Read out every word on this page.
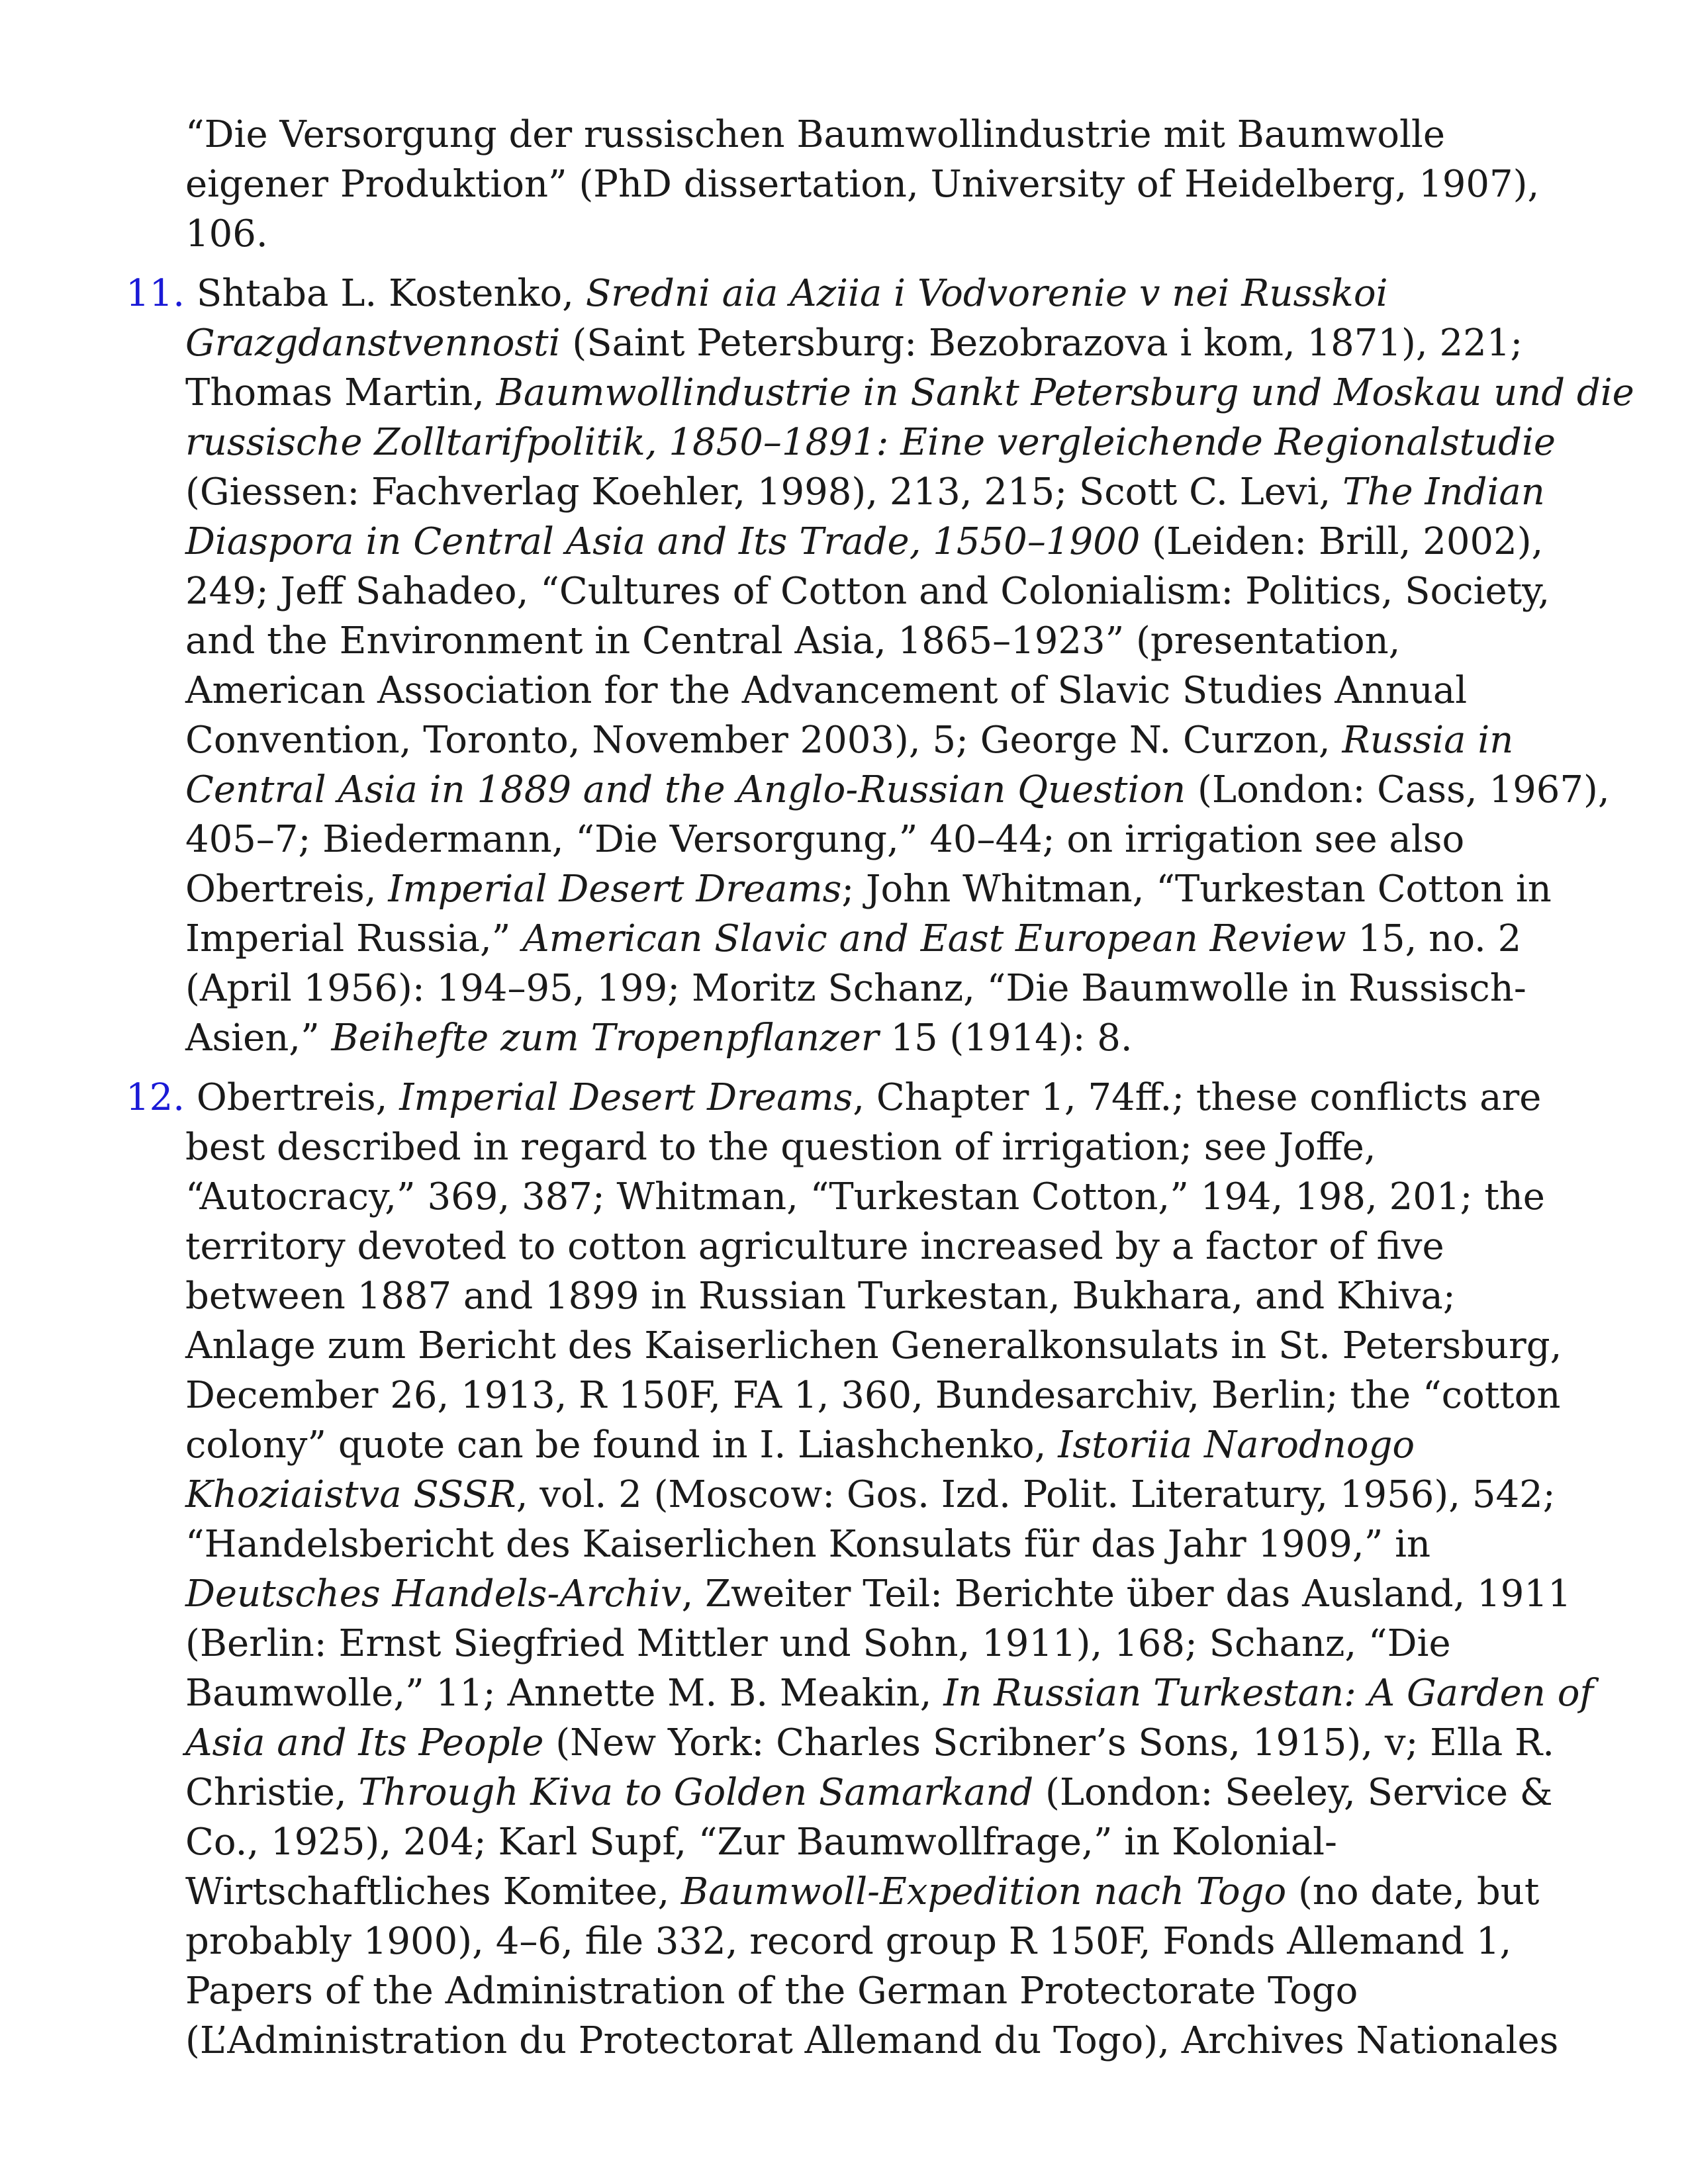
“Die Versorgung der russischen Baumwollindustrie mit Baumwolle
eigener Produktion” (PhD dissertation, University of Heidelberg, 1907),
106.
11. Shtaba L. Kostenko, Sredni aia Aziia i Vodvorenie v nei Russkoi
Grazgdanstvennosti (Saint Petersburg: Bezobrazova i kom, 1871), 221;
Thomas Martin, Baumwollindustrie in Sankt Petersburg und Moskau und die
russische Zolltarifpolitik, 1850–1891: Eine vergleichende Regionalstudie
(Giessen: Fachverlag Koehler, 1998), 213, 215; Scott C. Levi, The Indian
Diaspora in Central Asia and Its Trade, 1550–1900 (Leiden: Brill, 2002),
249; Jeff Sahadeo, “Cultures of Cotton and Colonialism: Politics, Society,
and the Environment in Central Asia, 1865–1923” (presentation,
American Association for the Advancement of Slavic Studies Annual
Convention, Toronto, November 2003), 5; George N. Curzon, Russia in
Central Asia in 1889 and the Anglo-Russian Question (London: Cass, 1967),
405–7; Biedermann, “Die Versorgung,” 40–44; on irrigation see also
Obertreis, Imperial Desert Dreams; John Whitman, “Turkestan Cotton in
Imperial Russia,” American Slavic and East European Review 15, no. 2
(April 1956): 194–95, 199; Moritz Schanz, “Die Baumwolle in Russisch-
Asien,” Beihefte zum Tropenpflanzer 15 (1914): 8.
12. Obertreis, Imperial Desert Dreams, Chapter 1, 74ff.; these conflicts are
best described in regard to the question of irrigation; see Joffe,
“Autocracy,” 369, 387; Whitman, “Turkestan Cotton,” 194, 198, 201; the
territory devoted to cotton agriculture increased by a factor of five
between 1887 and 1899 in Russian Turkestan, Bukhara, and Khiva;
Anlage zum Bericht des Kaiserlichen Generalkonsulats in St. Petersburg,
December 26, 1913, R 150F, FA 1, 360, Bundesarchiv, Berlin; the “cotton
colony” quote can be found in I. Liashchenko, Istoriia Narodnogo
Khoziaistva SSSR, vol. 2 (Moscow: Gos. Izd. Polit. Literatury, 1956), 542;
“Handelsbericht des Kaiserlichen Konsulats für das Jahr 1909,” in
Deutsches Handels-Archiv, Zweiter Teil: Berichte über das Ausland, 1911
(Berlin: Ernst Siegfried Mittler und Sohn, 1911), 168; Schanz, “Die
Baumwolle,” 11; Annette M. B. Meakin, In Russian Turkestan: A Garden of
Asia and Its People (New York: Charles Scribner’s Sons, 1915), v; Ella R.
Christie, Through Kiva to Golden Samarkand (London: Seeley, Service &
Co., 1925), 204; Karl Supf, “Zur Baumwollfrage,” in Kolonial-
Wirtschaftliches Komitee, Baumwoll-Expedition nach Togo (no date, but
probably 1900), 4–6, file 332, record group R 150F, Fonds Allemand 1,
Papers of the Administration of the German Protectorate Togo
(L’Administration du Protectorat Allemand du Togo), Archives Nationales
